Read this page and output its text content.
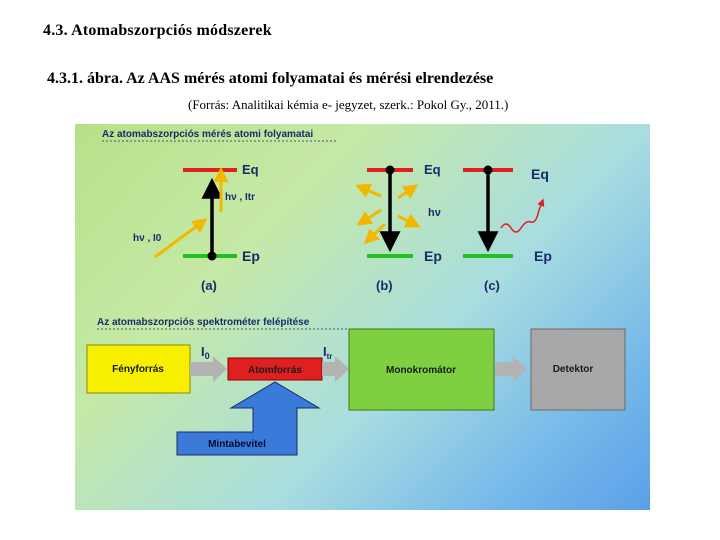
4.3. Atomabszorpciós módszerek
4.3.1. ábra. Az AAS mérés atomi folyamatai és mérési elrendezése
(Forrás: Analitikai kémia e- jegyzet, szerk.: Pokol Gy., 2011.)
Az atomabszorpciós mérés atomi folyamatai
Eq
Ep
hν , Itr
hν , I0
(a)
Eq
Ep
hν
(b)
Eq
Ep
(c)
Az atomabszorpciós spektrométer felépítése
Fényforrás
$I_0$
Atomforrás
$I_{tr}$
Monokromátor	Detektor
Mintabevitel
